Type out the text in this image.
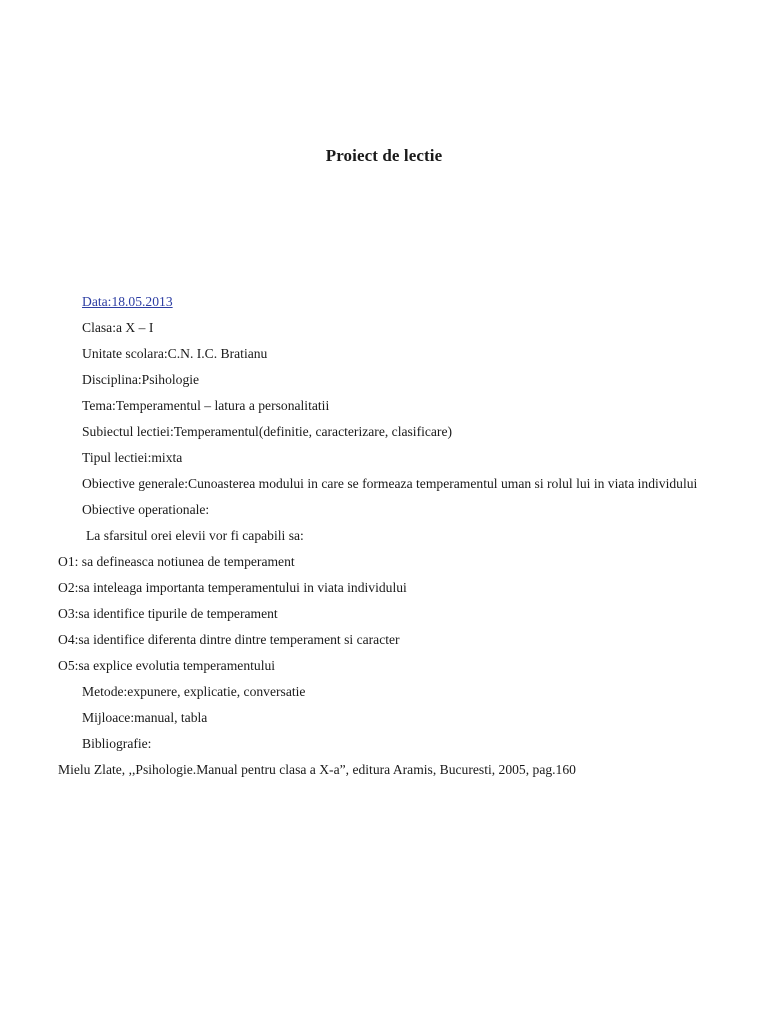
Proiect de lectie
Data:18.05.2013
Clasa:a X – I
Unitate scolara:C.N. I.C. Bratianu
Disciplina:Psihologie
Tema:Temperamentul – latura a personalitatii
Subiectul lectiei:Temperamentul(definitie, caracterizare, clasificare)
Tipul lectiei:mixta
Obiective generale:Cunoasterea modului in care se formeaza temperamentul uman si rolul lui in viata individului
Obiective operationale:
La sfarsitul orei elevii vor fi capabili sa:
O1: sa defineasca notiunea de temperament
O2:sa inteleaga importanta temperamentului in viata individului
O3:sa identifice tipurile de temperament
O4:sa identifice diferenta dintre dintre temperament si caracter
O5:sa explice evolutia temperamentului
Metode:expunere, explicatie, conversatie
Mijloace:manual, tabla
Bibliografie:
Mielu Zlate, ,,Psihologie.Manual pentru clasa a X-a”, editura Aramis, Bucuresti, 2005, pag.160
